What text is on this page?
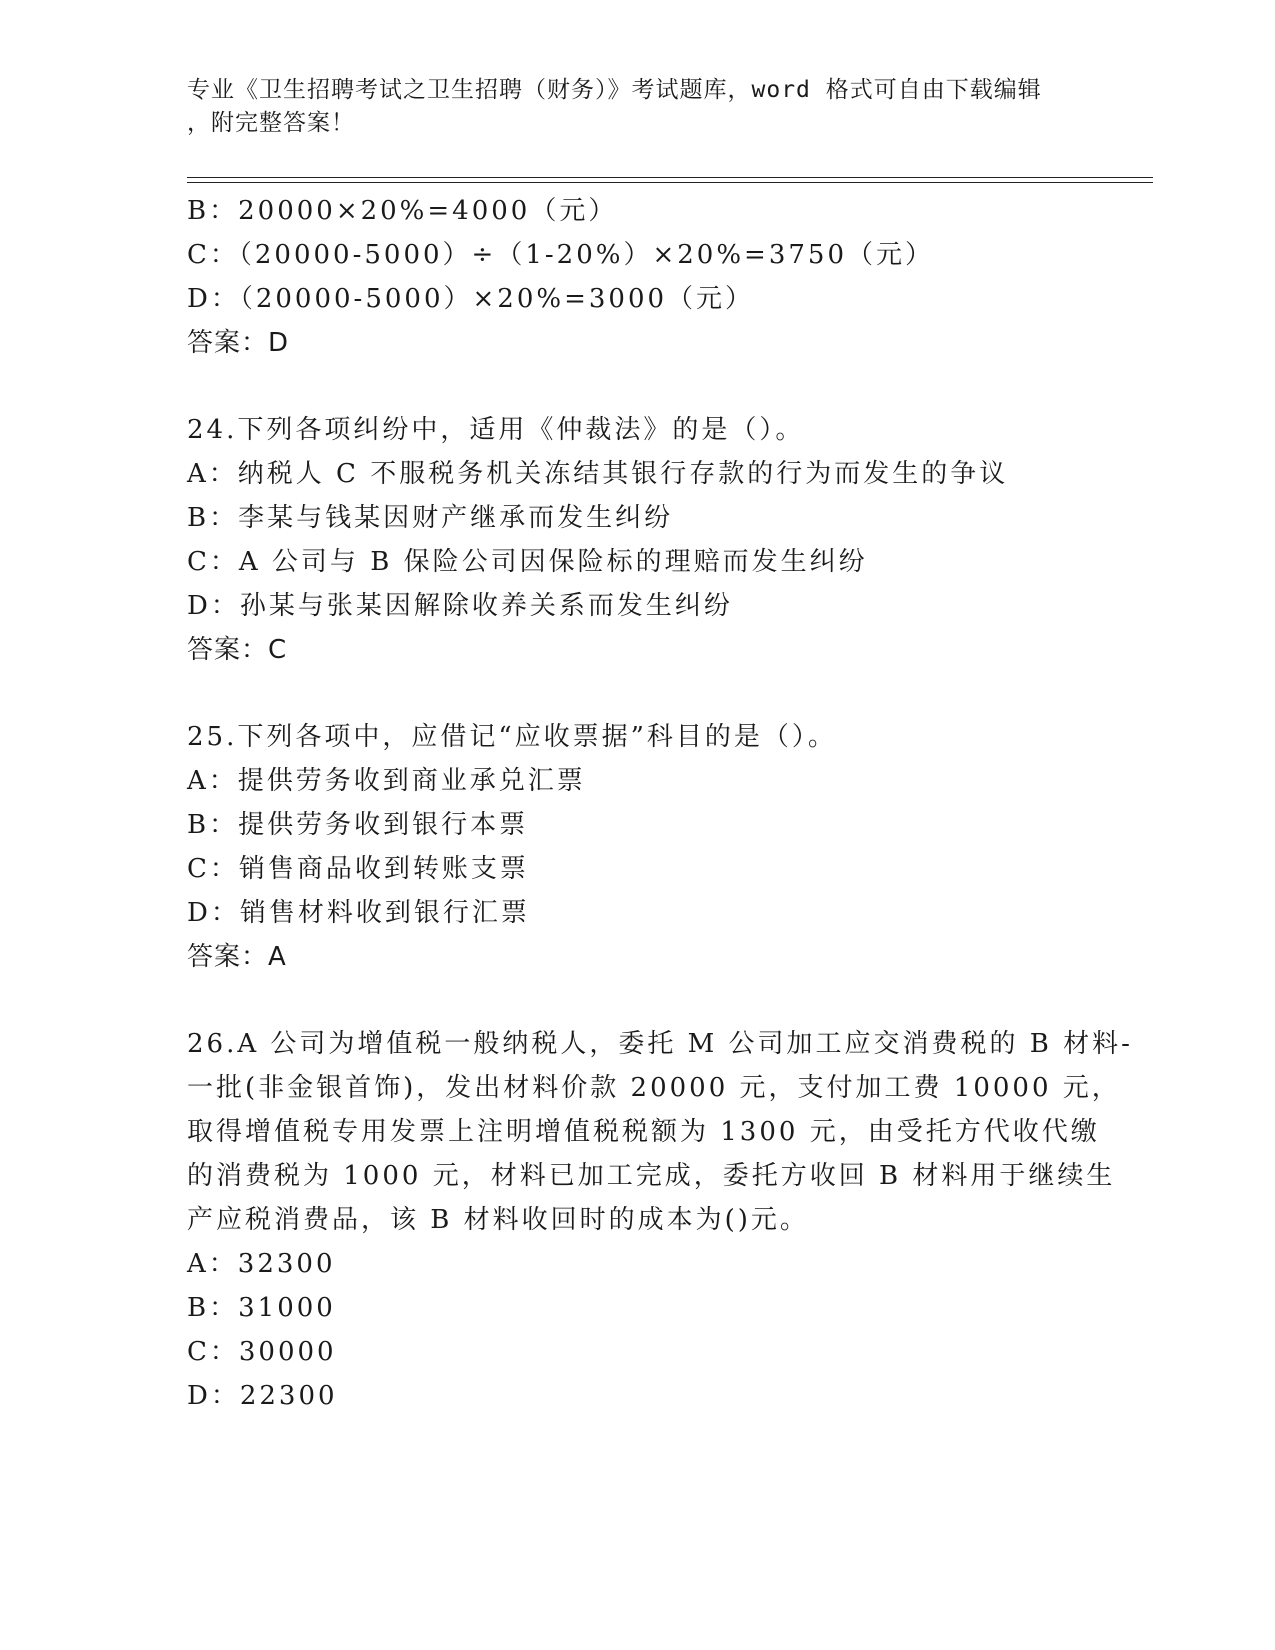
专业《卫生招聘考试之卫生招聘（财务）》考试题库，word 格式可自由下载编辑
，附完整答案！
B：20000×20%=4000（元）
C：（20000-5000）÷（1-20%）×20%=3750（元）
D：（20000-5000）×20%=3000（元）
答案：D
24.下列各项纠纷中，适用《仲裁法》的是（）。
A：纳税人 C 不服税务机关冻结其银行存款的行为而发生的争议
B：李某与钱某因财产继承而发生纠纷
C：A 公司与 B 保险公司因保险标的理赔而发生纠纷
D：孙某与张某因解除收养关系而发生纠纷
答案：C
25.下列各项中，应借记“应收票据”科目的是（）。
A：提供劳务收到商业承兑汇票
B：提供劳务收到银行本票
C：销售商品收到转账支票
D：销售材料收到银行汇票
答案：A
26.A 公司为增值税一般纳税人，委托 M 公司加工应交消费税的 B 材料-
一批(非金银首饰)，发出材料价款 20000 元，支付加工费 10000 元，
取得增值税专用发票上注明增值税税额为 1300 元，由受托方代收代缴
的消费税为 1000 元，材料已加工完成，委托方收回 B 材料用于继续生
产应税消费品，该 B 材料收回时的成本为()元。
A：32300
B：31000
C：30000
D：22300
